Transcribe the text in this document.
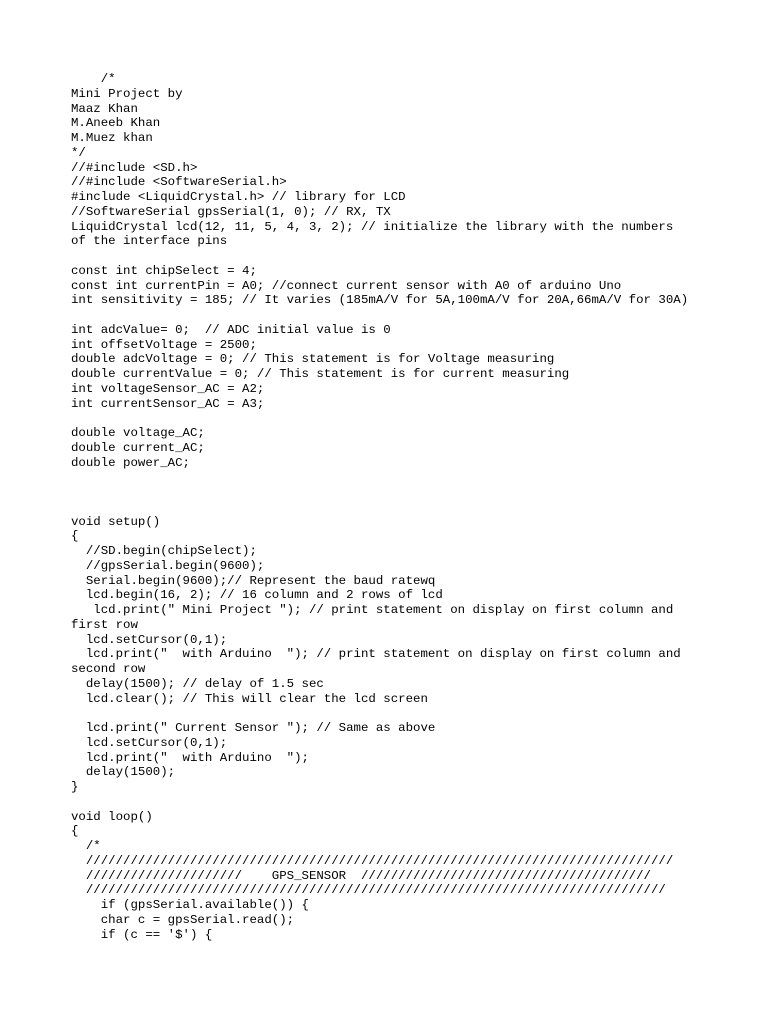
/*
Mini Project by
Maaz Khan
M.Aneeb Khan
M.Muez khan
*/
//#include <SD.h>
//#include <SoftwareSerial.h>
#include <LiquidCrystal.h> // library for LCD
//SoftwareSerial gpsSerial(1, 0); // RX, TX
LiquidCrystal lcd(12, 11, 5, 4, 3, 2); // initialize the library with the numbers
of the interface pins
const int chipSelect = 4;
const int currentPin = A0; //connect current sensor with A0 of arduino Uno
int sensitivity = 185; // It varies (185mA/V for 5A,100mA/V for 20A,66mA/V for 30A)
int adcValue= 0;  // ADC initial value is 0
int offsetVoltage = 2500;
double adcVoltage = 0; // This statement is for Voltage measuring
double currentValue = 0; // This statement is for current measuring
int voltageSensor_AC = A2;
int currentSensor_AC = A3;
double voltage_AC;
double current_AC;
double power_AC;
void setup()
{
//SD.begin(chipSelect);
//gpsSerial.begin(9600);
Serial.begin(9600);// Represent the baud ratewq
lcd.begin(16, 2); // 16 column and 2 rows of lcd
lcd.print(" Mini Project "); // print statement on display on first column and
first row
lcd.setCursor(0,1);
lcd.print("  with Arduino  "); // print statement on display on first column and
second row
delay(1500); // delay of 1.5 sec
lcd.clear(); // This will clear the lcd screen
lcd.print(" Current Sensor "); // Same as above
lcd.setCursor(0,1);
lcd.print("  with Arduino  ");
delay(1500);
}
void loop()
{
/*
///////////////////////////////////////////////////////////////////////////////
/////////////////////    GPS_SENSOR  ///////////////////////////////////////
//////////////////////////////////////////////////////////////////////////////
if (gpsSerial.available()) {
char c = gpsSerial.read();
if (c == '$') {
